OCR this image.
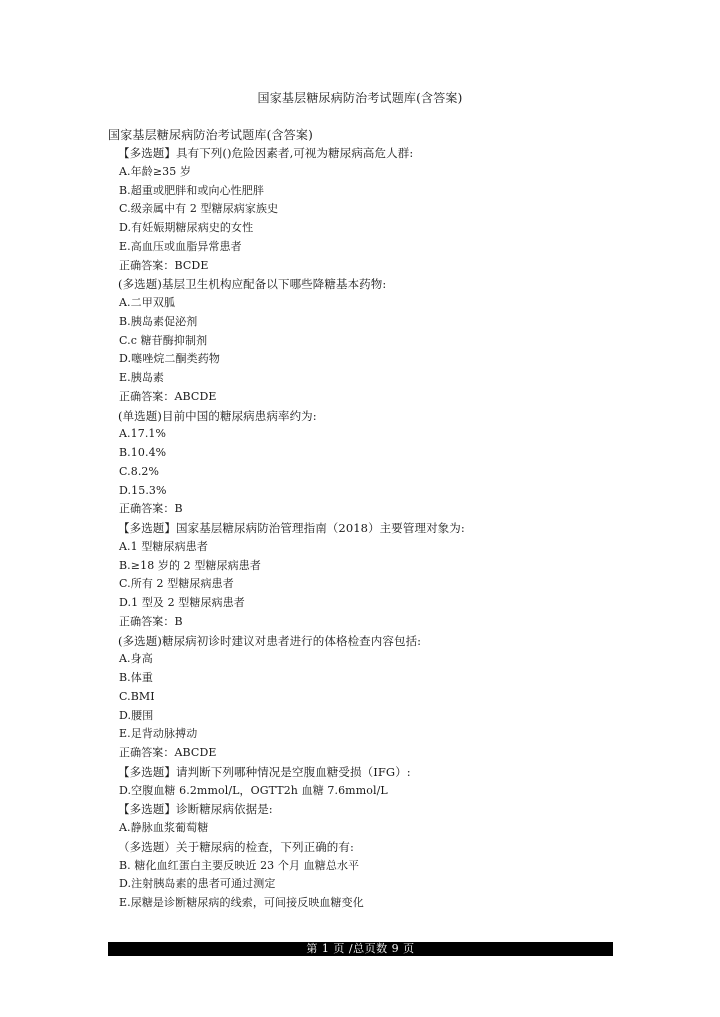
国家基层糖尿病防治考试题库(含答案)
国家基层糖尿病防治考试题库(含答案)
【多选题】具有下列()危险因素者,可视为糖尿病高危人群:
A.年龄≥35 岁
B.超重或肥胖和或向心性肥胖
C.级亲属中有 2 型糖尿病家族史
D.有妊娠期糖尿病史的女性
E.高血压或血脂异常患者
正确答案：BCDE
(多选题)基层卫生机构应配备以下哪些降糖基本药物:
A.二甲双胍
B.胰岛素促泌剂
C.c 糖苷酶抑制剂
D.噻唑烷二酮类药物
E.胰岛素
正确答案：ABCDE
(单选题)目前中国的糖尿病患病率约为:
A.17.1%
B.10.4%
C.8.2%
D.15.3%
正确答案：B
【多选题】国家基层糖尿病防治管理指南（2018）主要管理对象为:
A.1 型糖尿病患者
B.≥18 岁的 2 型糖尿病患者
C.所有 2 型糖尿病患者
D.1 型及 2 型糖尿病患者
正确答案：B
(多选题)糖尿病初诊时建议对患者进行的体格检查内容包括:
A.身高
B.体重
C.BMI
D.腰围
E.足背动脉搏动
正确答案：ABCDE
【多选题】请判断下列哪种情况是空腹血糖受损（IFG）:
D.空腹血糖 6.2mmol/L，OGTT2h 血糖 7.6mmol/L
【多选题】诊断糖尿病依据是:
A.静脉血浆葡萄糖
（多选题）关于糖尿病的检查，下列正确的有:
B. 糖化血红蛋白主要反映近 23 个月 血糖总水平
D.注射胰岛素的患者可通过测定
E.尿糖是诊断糖尿病的线索，可间接反映血糖变化
第 1 页 /总页数 9 页
